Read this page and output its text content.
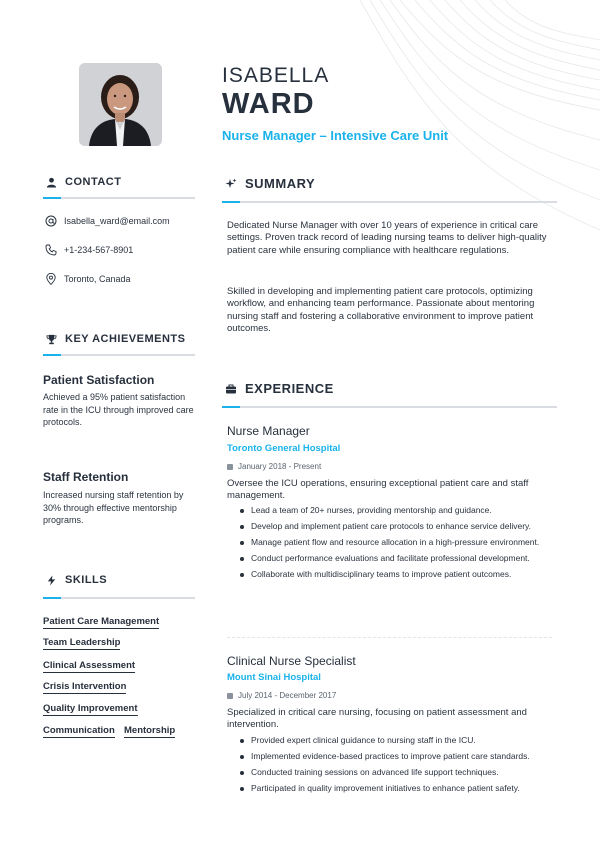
ISABELLA
WARD
Nurse Manager – Intensive Care Unit
CONTACT
Isabella_ward@email.com
+1-234-567-8901
Toronto, Canada
KEY ACHIEVEMENTS
Patient Satisfaction
Achieved a 95% patient satisfaction rate in the ICU through improved care protocols.
Staff Retention
Increased nursing staff retention by 30% through effective mentorship programs.
SKILLS
Patient Care Management
Team Leadership
Clinical Assessment
Crisis Intervention
Quality Improvement
Communication Mentorship
SUMMARY
Dedicated Nurse Manager with over 10 years of experience in critical care settings. Proven track record of leading nursing teams to deliver high-quality patient care while ensuring compliance with healthcare regulations.
Skilled in developing and implementing patient care protocols, optimizing workflow, and enhancing team performance. Passionate about mentoring nursing staff and fostering a collaborative environment to improve patient outcomes.
EXPERIENCE
Nurse Manager
Toronto General Hospital
January 2018 - Present
Oversee the ICU operations, ensuring exceptional patient care and staff management.
Lead a team of 20+ nurses, providing mentorship and guidance.
Develop and implement patient care protocols to enhance service delivery.
Manage patient flow and resource allocation in a high-pressure environment.
Conduct performance evaluations and facilitate professional development.
Collaborate with multidisciplinary teams to improve patient outcomes.
Clinical Nurse Specialist
Mount Sinai Hospital
July 2014 - December 2017
Specialized in critical care nursing, focusing on patient assessment and intervention.
Provided expert clinical guidance to nursing staff in the ICU.
Implemented evidence-based practices to improve patient care standards.
Conducted training sessions on advanced life support techniques.
Participated in quality improvement initiatives to enhance patient safety.
